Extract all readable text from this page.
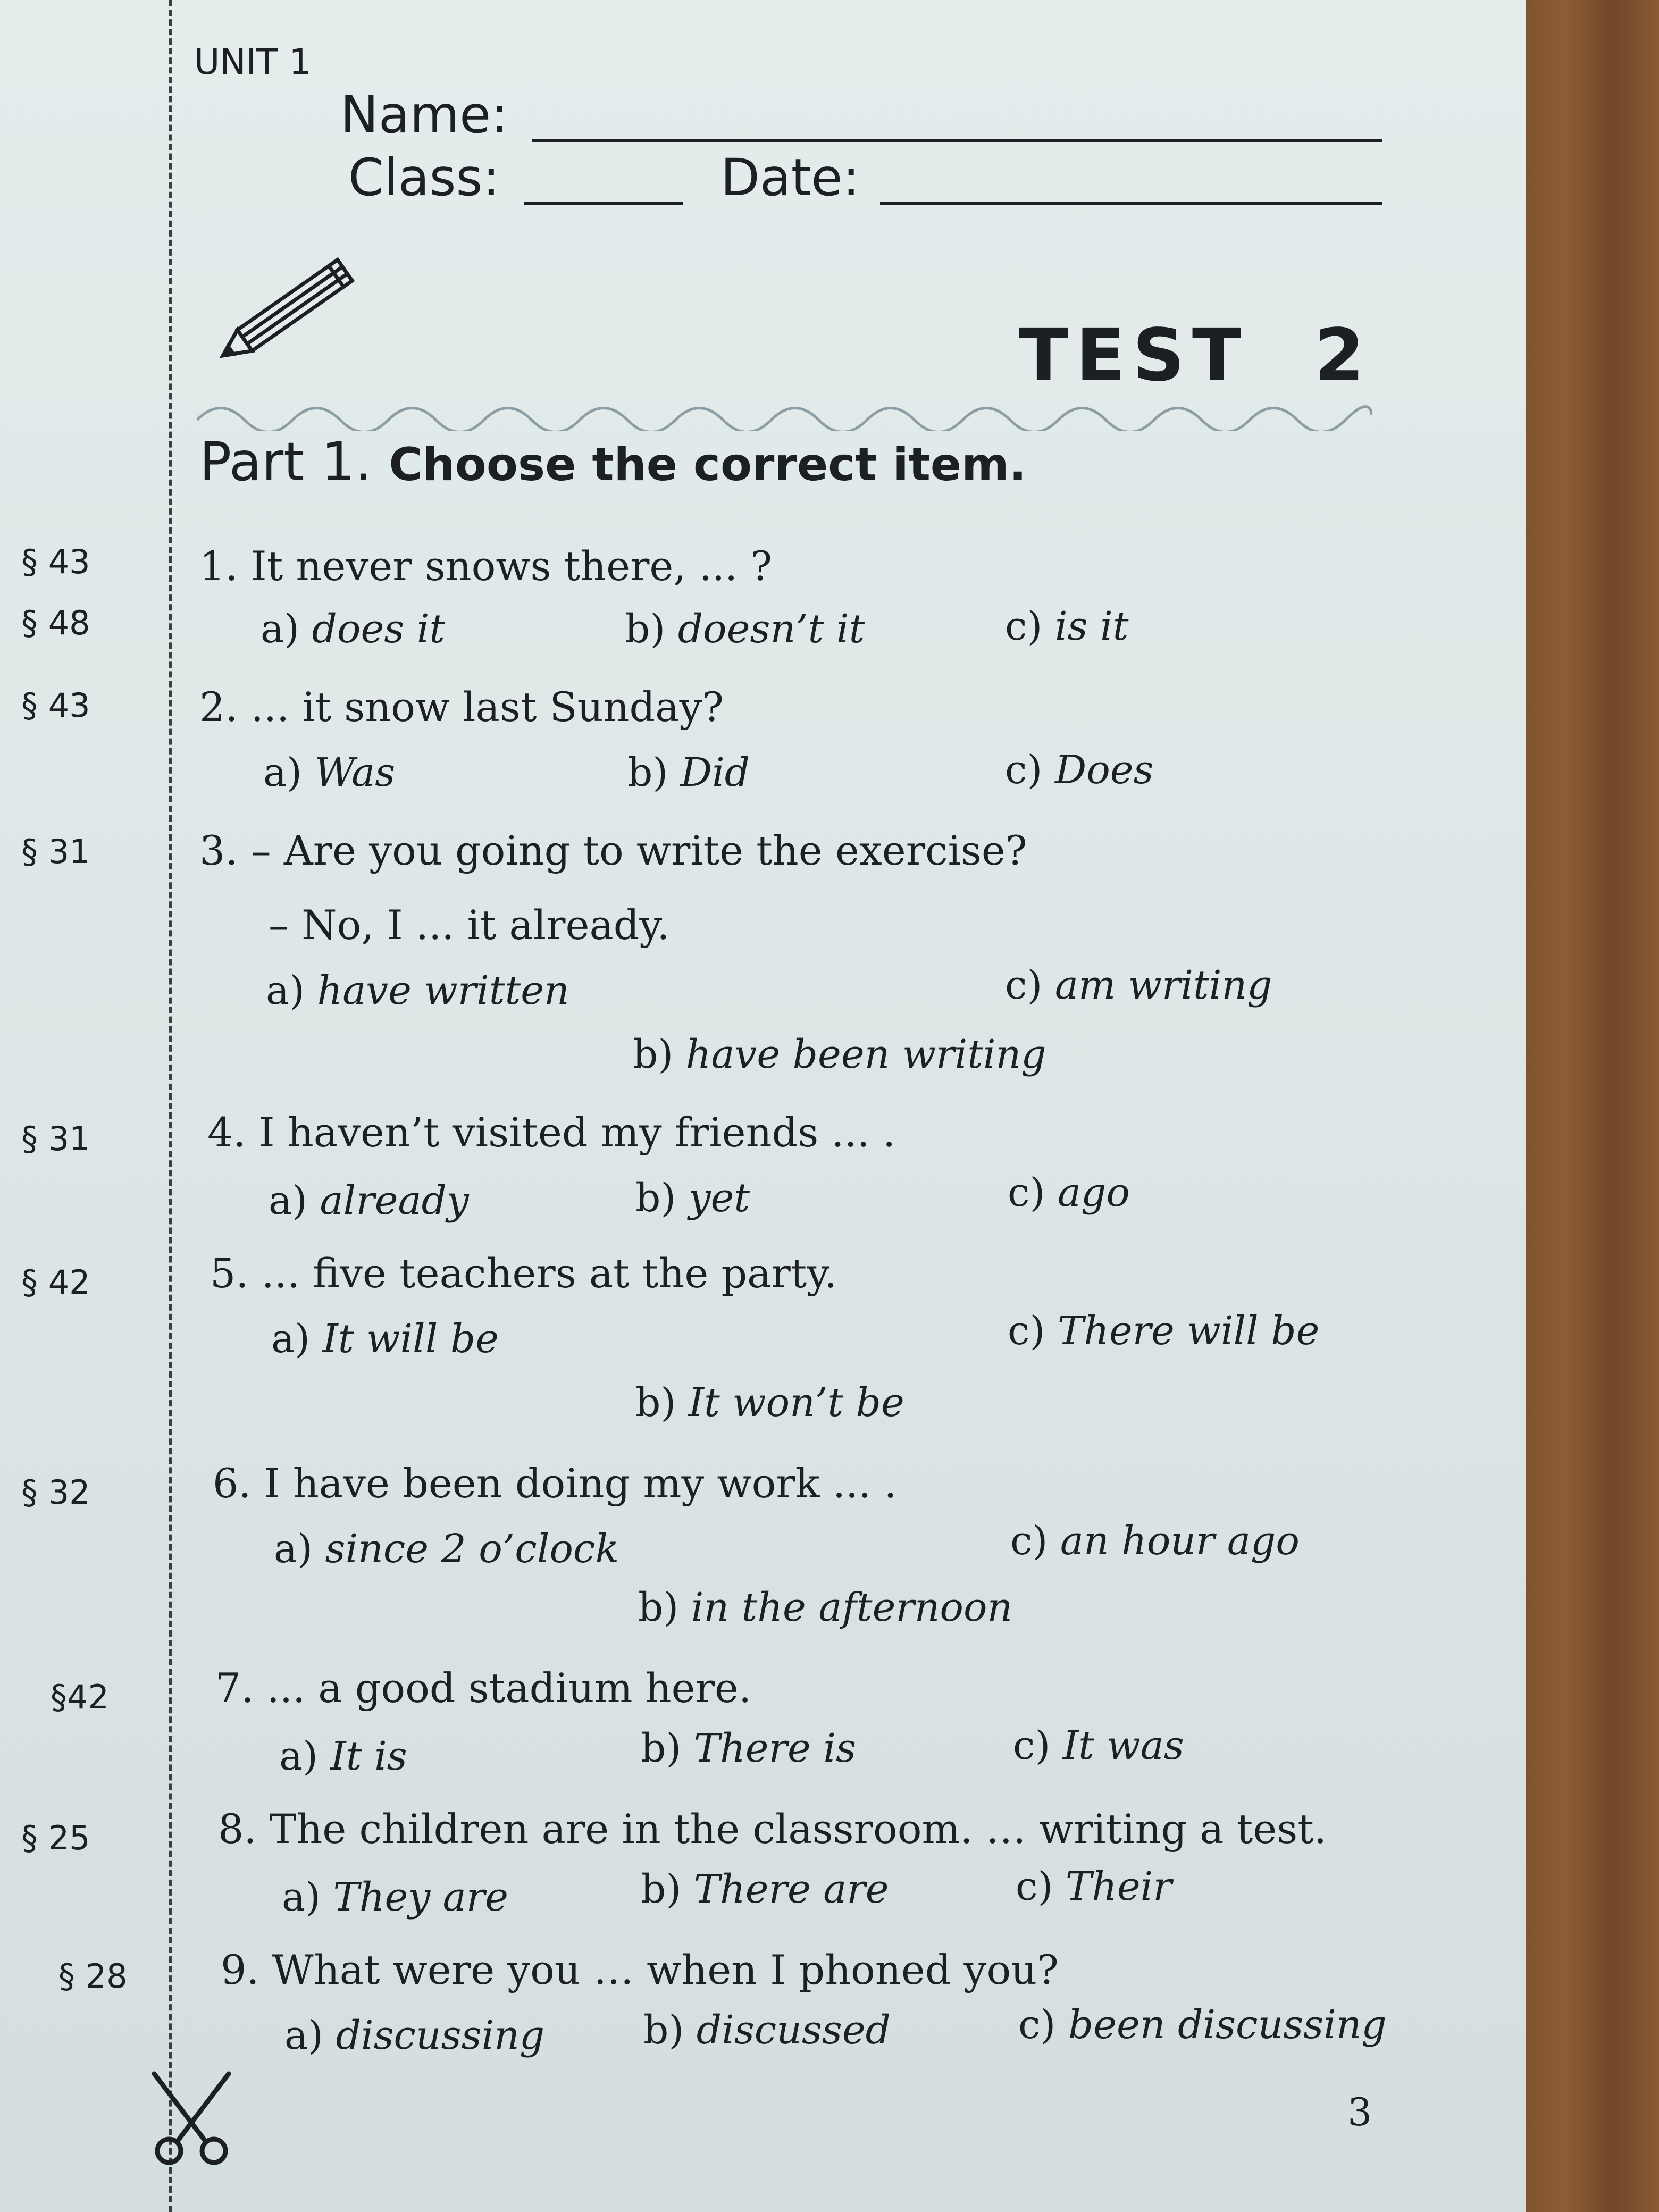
UNIT 1
Name:
Class:	Date:
TEST  2
Part 1. Choose the correct item.
§ 43
§ 48
1. It never snows there, ... ?
a) does it	b) doesn’t it	c) is it
§ 43	2. ... it snow last Sunday?
a) Was	b) Did	c) Does
§ 31	3. – Are you going to write the exercise?
– No, I ... it already.
a) have written	c) am writing
b) have been writing
§ 31	4. I haven’t visited my friends ... .
a) already	b) yet	c) ago
§ 42	5. ... five teachers at the party.
a) It will be	c) There will be
b) It won’t be
§ 32	6. I have been doing my work ... .
a) since 2 o’clock	c) an hour ago
b) in the afternoon
§42	7. ... a good stadium here.
a) It is	b) There is	c) It was
§ 25	8. The children are in the classroom. … writing a test.
a) They are	b) There are	c) Their
§ 28 9. What were you … when I phoned you?
a) discussing	b) discussed	c) been discussing
3
